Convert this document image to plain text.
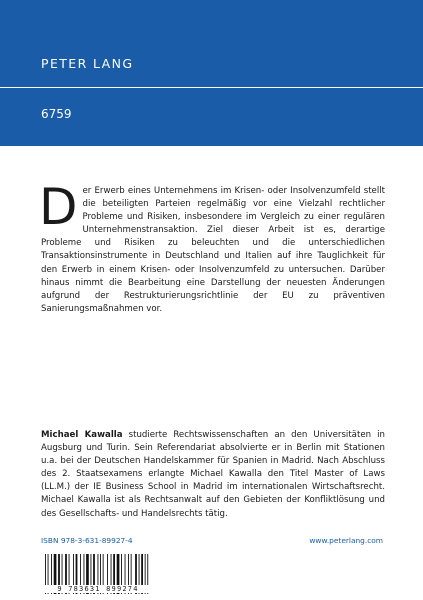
PETER LANG
6759
Der Erwerb eines Unternehmens im Krisen- oder Insolvenzumfeld stellt die beteiligten Parteien regelmäßig vor eine Vielzahl rechtlicher Probleme und Risiken, insbesondere im Vergleich zu einer regulären Unternehmenstransaktion. Ziel dieser Arbeit ist es, derartige Probleme und Risiken zu beleuchten und die unterschiedlichen Transaktionsinstrumente in Deutschland und Italien auf ihre Tauglichkeit für den Erwerb in einem Krisen- oder Insolvenzumfeld zu untersuchen. Darüber hinaus nimmt die Bearbeitung eine Darstellung der neuesten Änderungen aufgrund der Restrukturierungsrichtlinie der EU zu präventiven Sanierungsmaßnahmen vor.
Michael Kawalla studierte Rechtswissenschaften an den Universitäten in Augsburg und Turin. Sein Referendariat absolvierte er in Berlin mit Stationen u.a. bei der Deutschen Handelskammer für Spanien in Madrid. Nach Abschluss des 2. Staatsexamens erlangte Michael Kawalla den Titel Master of Laws (LL.M.) der IE Business School in Madrid im internationalen Wirtschaftsrecht. Michael Kawalla ist als Rechtsanwalt auf den Gebieten der Konfliktlösung und des Gesellschafts- und Handelsrechts tätig.
ISBN 978-3-631-89927-4	www.peterlang.com
9 783631 899274
